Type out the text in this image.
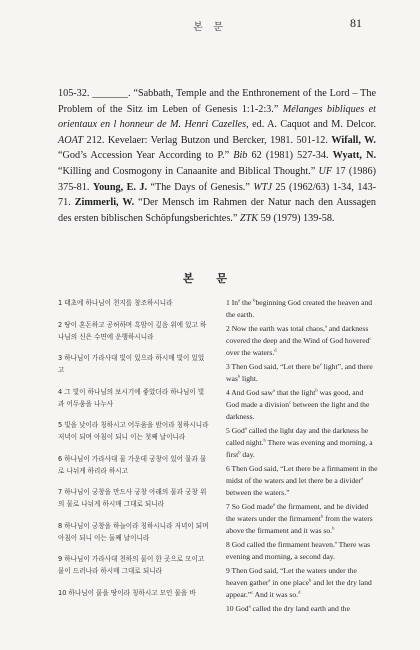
본 문	81
105-32. _______. “Sabbath, Temple and the Enthronement of the Lord – The Problem of the Sitz im Leben of Genesis 1:1-2:3.” Mélanges bibliques et orientaux en l honneur de M. Henri Cazelles, ed. A. Caquot and M. Delcor. AOAT 212. Kevelaer: Verlag Butzon und Bercker, 1981. 501-12. Wifall, W. “God’s Accession Year According to P.” Bib 62 (1981) 527-34. Wyatt, N. “Killing and Cosmogony in Canaanite and Biblical Thought.” UF 17 (1986) 375-81. Young, E. J. “The Days of Genesis.” WTJ 25 (1962/63) 1-34, 143-71. Zimmerli, W. “Der Mensch im Rahmen der Natur nach den Aussagen des ersten biblischen Schöpfungsberichtes.” ZTK 59 (1979) 139-58.
본 문

1 태초에 하나님이 천지를 창조하시니라

2 땅이 혼돈하고 공허하며 흑암이 깊음 위에 있고 하나님의 신은 수면에 운행하시니라

3 하나님이 가라사대 빛이 있으라 하시매 빛이 있었고

4 그 빛이 하나님의 보시기에 좋았더라 하나님이 빛과 어두움을 나누사

5 빛을 낮이라 칭하시고 어두움을 밤이라 칭하시니라 저녁이 되며 아침이 되니 이는 첫째 날이니라

6 하나님이 가라사대 물 가운데 궁창이 있어 물과 물로 나뉘게 하리라 하시고

7 하나님이 궁창을 만드사 궁창 아래의 물과 궁창 위의 물로 나뉘게 하시매 그대로 되니라

8 하나님이 궁창을 하늘이라 칭하시니라 저녁이 되며 아침이 되니 이는 둘째 날이니라

9 하나님이 가라사대 천하의 물이 한 곳으로 모이고 뭍이 드러나라 하시매 그대로 되니라

10 하나님이 뭍을 땅이라 칭하시고 모인 물을 바

1 In$^a$ the $^b$beginning God created the heaven and the earth.

2 Now the earth was total chaos,$^a$ and darkness covered the deep and the Wind of God hovered$^c$ over the waters.$^d$

3 Then God said, “Let there $be^e$ light”, and there was$^b$ light.

4 And God saw$^a$ that the light$^b$ was good, and God made a division$^c$ between the light and the darkness.

5 God$^a$ called the light day and the darkness he called night.$^b$ There was evening and morning, a first$^b$ day.

6 Then God said, “Let there be a firmament in the midst of the waters and let there be a divider$^a$ between the waters.”

7 So God made$^a$ the firmament, and he divided the waters under the firmament$^b$ from the waters above the firmament and it was so.$^b$

8 God called the firmament heaven.$^a$ There was evening and morning, a second day.

9 Then God said, “Let the waters under the heaven gather$^a$ in one place$^b$ and let the dry land appear.”$^c$ And it was so.$^d$

10 God$^a$ called the dry land earth and the
